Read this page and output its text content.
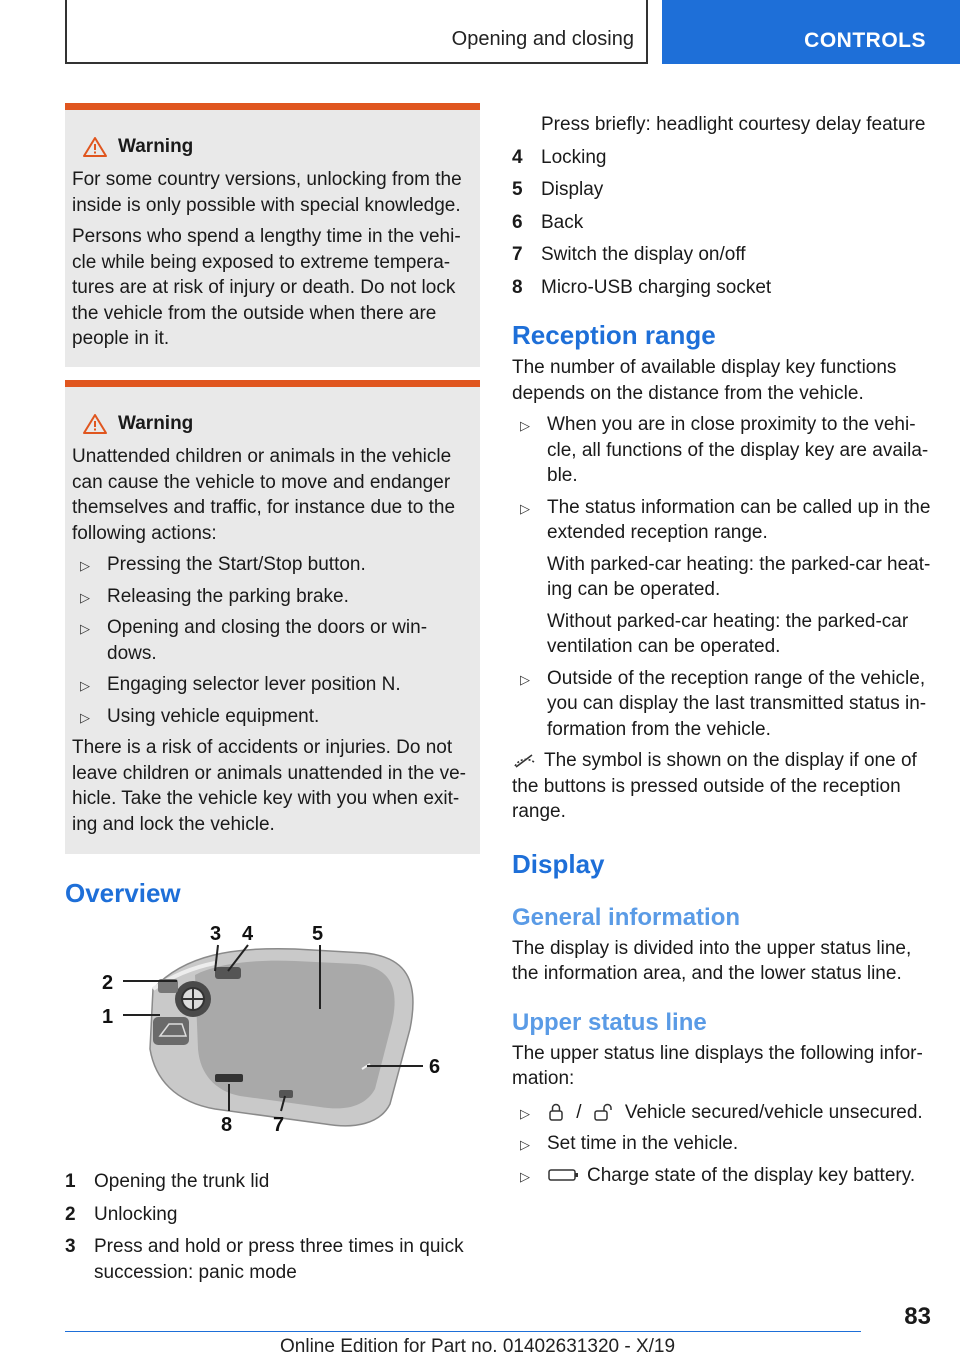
Opening and closing	CONTROLS
Warning

For some country versions, unlocking from the inside is only possible with special knowledge.

Persons who spend a lengthy time in the vehi-cle while being exposed to extreme tempera-tures are at risk of injury or death. Do not lock the vehicle from the outside when there are people in it.

Warning

Unattended children or animals in the vehicle can cause the vehicle to move and endanger themselves and traffic, for instance due to the following actions:

▷ Pressing the Start/Stop button.
▷ Releasing the parking brake.
▷ Opening and closing the doors or win-dows.
▷ Engaging selector lever position N.
▷ Using vehicle equipment.

There is a risk of accidents or injuries. Do not leave children or animals unattended in the ve-hicle. Take the vehicle key with you when exit-ing and lock the vehicle.

Overview
3 4	5
2
1
6
8 7
1 Opening the trunk lid
2 Unlocking
3 Press and hold or press three times in quick succession: panic mode

Press briefly: headlight courtesy delay feature

4 Locking
5 Display
6 Back
7 Switch the display on/off
8 Micro-USB charging socket
Reception range

The number of available display key functions depends on the distance from the vehicle.

▷ When you are in close proximity to the vehi-cle, all functions of the display key are availa-ble.
▷ The status information can be called up in the extended reception range.

With parked-car heating: the parked-car heat-ing can be operated.

Without parked-car heating: the parked-car ventilation can be operated.

▷ Outside of the reception range of the vehicle, you can display the last transmitted status in-formation from the vehicle.

The symbol is shown on the display if one of the buttons is pressed outside of the reception range.

Display
General information

The display is divided into the upper status line, the information area, and the lower status line.

Upper status line

The upper status line displays the following infor-mation:

▷ / Vehicle secured/vehicle unsecured.
▷ Set time in the vehicle.
▷	Charge state of the display key battery.
83
Online Edition for Part no. 01402631320 - X/19
